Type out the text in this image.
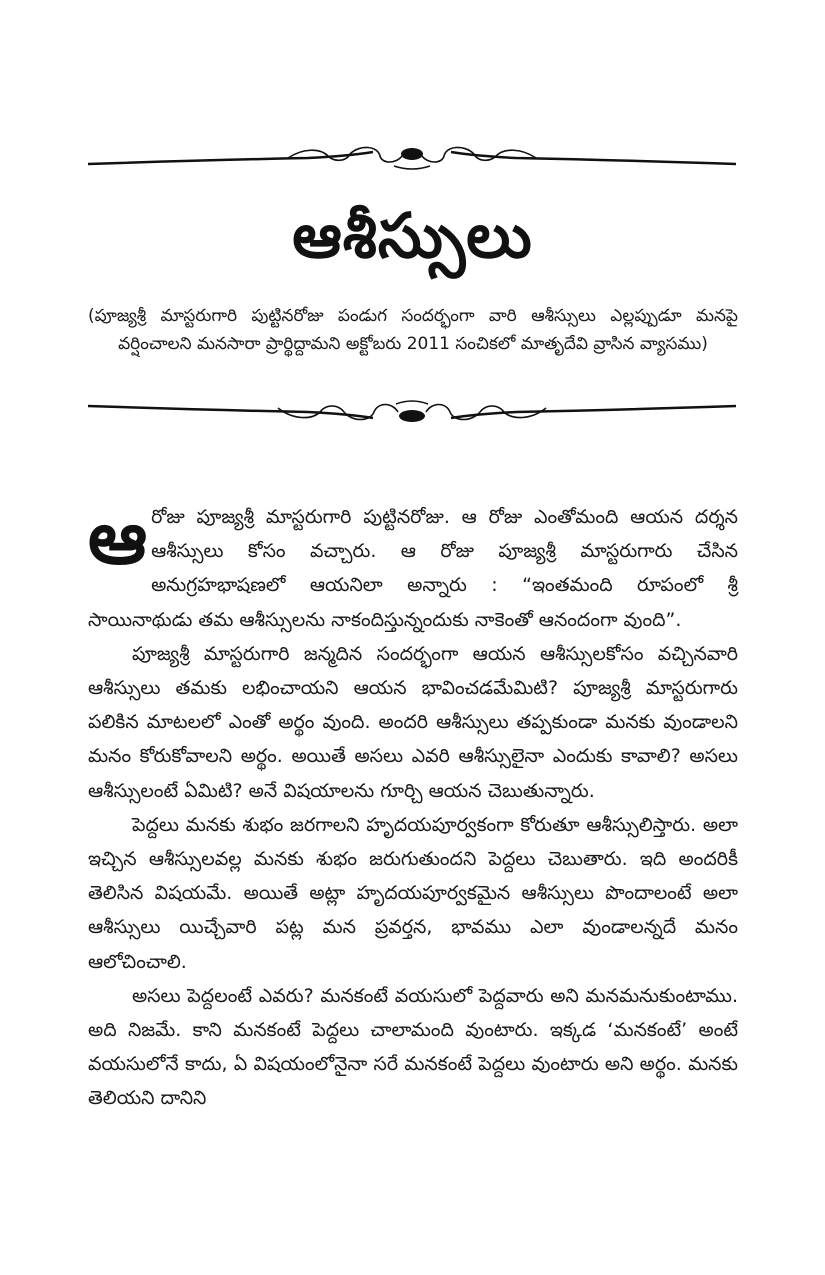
ఆశీస్సులు
(పూజ్యశ్రీ మాస్టరుగారి పుట్టినరోజు పండుగ సందర్భంగా వారి ఆశీస్సులు ఎల్లప్పుడూ మనపై వర్షించాలని మనసారా ప్రార్థిద్దామని అక్టోబరు 2011 సంచికలో మాతృదేవి వ్రాసిన వ్యాసము)

ఆ రోజు పూజ్యశ్రీ మాస్టరుగారి పుట్టినరోజు. ఆ రోజు ఎంతోమంది ఆయన దర్శన ఆశీస్సులు కోసం వచ్చారు. ఆ రోజు పూజ్యశ్రీ మాస్టరుగారు చేసిన అనుగ్రహభాషణలో ఆయనిలా అన్నారు : “ఇంతమంది రూపంలో శ్రీ సాయినాథుడు తమ ఆశీస్సులను నాకందిస్తున్నందుకు నాకెంతో ఆనందంగా వుంది”.

పూజ్యశ్రీ మాస్టరుగారి జన్మదిన సందర్భంగా ఆయన ఆశీస్సులకోసం వచ్చినవారి ఆశీస్సులు తమకు లభించాయని ఆయన భావించడమేమిటి? పూజ్యశ్రీ మాస్టరుగారు పలికిన మాటలలో ఎంతో అర్థం వుంది. అందరి ఆశీస్సులు తప్పకుండా మనకు వుండాలని మనం కోరుకోవాలని అర్థం. అయితే అసలు ఎవరి ఆశీస్సులైనా ఎందుకు కావాలి? అసలు ఆశీస్సులంటే ఏమిటి? అనే విషయాలను గూర్చి ఆయన చెబుతున్నారు.

పెద్దలు మనకు శుభం జరగాలని హృదయపూర్వకంగా కోరుతూ ఆశీస్సులిస్తారు. అలా ఇచ్చిన ఆశీస్సులవల్ల మనకు శుభం జరుగుతుందని పెద్దలు చెబుతారు. ఇది అందరికీ తెలిసిన విషయమే. అయితే అట్లా హృదయపూర్వకమైన ఆశీస్సులు పొందాలంటే అలా ఆశీస్సులు యిచ్చేవారి పట్ల మన ప్రవర్తన, భావము ఎలా వుండాలన్నదే మనం ఆలోచించాలి.

అసలు పెద్దలంటే ఎవరు? మనకంటే వయసులో పెద్దవారు అని మనమనుకుంటాము. అది నిజమే. కాని మనకంటే పెద్దలు చాలామంది వుంటారు. ఇక్కడ ‘మనకంటే’ అంటే వయసులోనే కాదు, ఏ విషయంలోనైనా సరే మనకంటే పెద్దలు వుంటారు అని అర్థం. మనకు తెలియని దానిని
